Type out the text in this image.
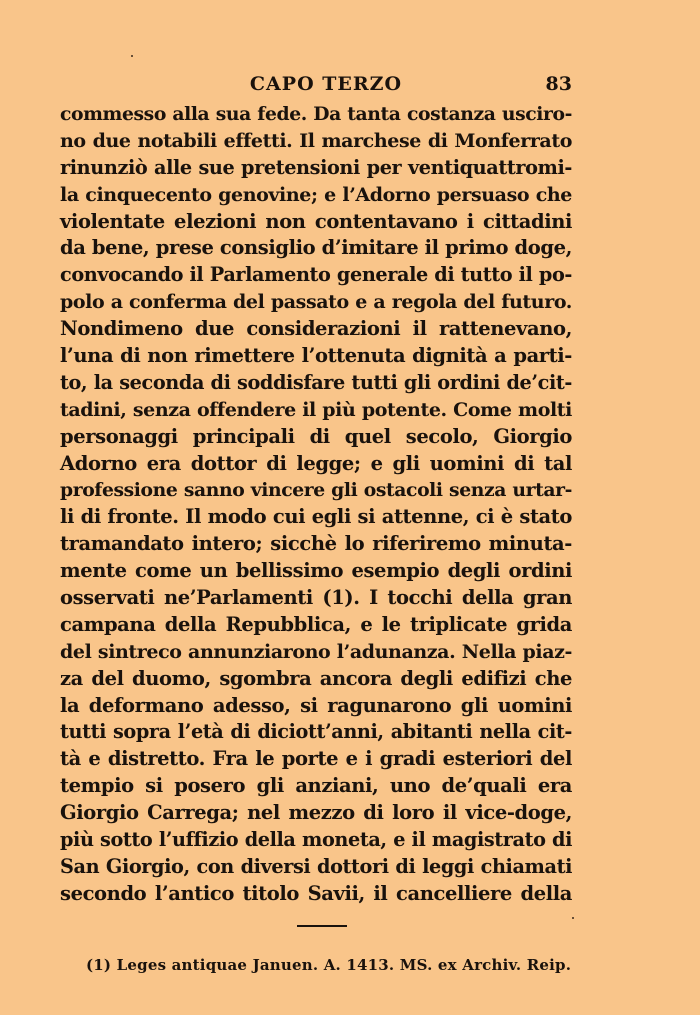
CAPO TERZO	83
commesso alla sua fede. Da tanta costanza usciro-
no due notabili effetti. Il marchese di Monferrato
rinunziò alle sue pretensioni per ventiquattromi-
la cinquecento genovine; e l’Adorno persuaso che
violentate elezioni non contentavano i cittadini
da bene, prese consiglio d’imitare il primo doge,
convocando il Parlamento generale di tutto il po-
polo a conferma del passato e a regola del futuro.
Nondimeno due considerazioni il rattenevano,
l’una di non rimettere l’ottenuta dignità a parti-
to, la seconda di soddisfare tutti gli ordini de’cit-
tadini, senza offendere il più potente. Come molti
personaggi principali di quel secolo, Giorgio
Adorno era dottor di legge; e gli uomini di tal
professione sanno vincere gli ostacoli senza urtar-
li di fronte. Il modo cui egli si attenne, ci è stato
tramandato intero; sicchè lo riferiremo minuta-
mente come un bellissimo esempio degli ordini
osservati ne’Parlamenti (1). I tocchi della gran
campana della Repubblica, e le triplicate grida
del sintreco annunziarono l’adunanza. Nella piaz-
za del duomo, sgombra ancora degli edifizi che
la deformano adesso, si ragunarono gli uomini
tutti sopra l’età di diciott’anni, abitanti nella cit-
tà e distretto. Fra le porte e i gradi esteriori del
tempio si posero gli anziani, uno de’quali era
Giorgio Carrega; nel mezzo di loro il vice-doge,
più sotto l’uffizio della moneta, e il magistrato di
San Giorgio, con diversi dottori di leggi chiamati
secondo l’antico titolo Savii, il cancelliere della
(1) Leges antiquae Januen. A. 1413. MS. ex Archiv. Reip.
